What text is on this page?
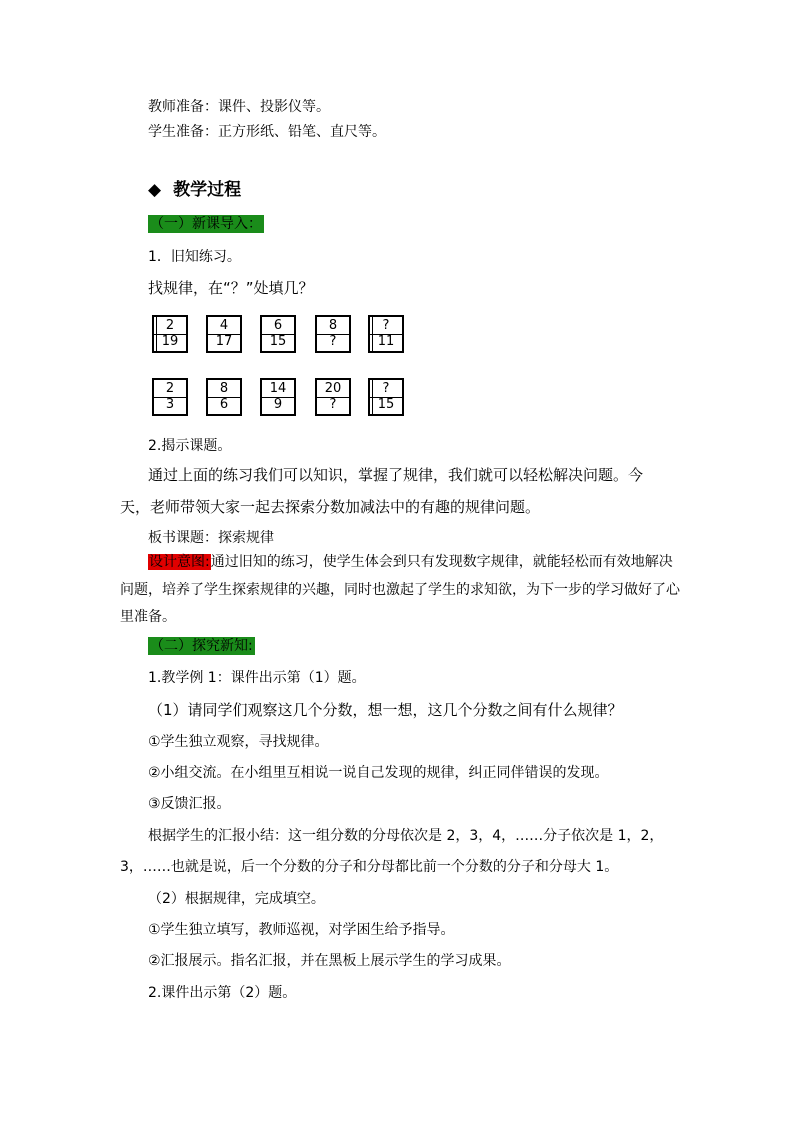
教师准备：课件、投影仪等。
学生准备：正方形纸、铅笔、直尺等。
◆ 教学过程
（一）新课导入：
1．旧知练习。
找规律，在“？”处填几？
2
19
4
17
6
15
8
?
?
11
2
3
8
6
14
9
20
?
?
15
2.揭示课题。
通过上面的练习我们可以知识，掌握了规律，我们就可以轻松解决问题。今
天，老师带领大家一起去探索分数加减法中的有趣的规律问题。
板书课题：探索规律
设计意图:通过旧知的练习，使学生体会到只有发现数字规律，就能轻松而有效地解决
问题，培养了学生探索规律的兴趣，同时也激起了学生的求知欲，为下一步的学习做好了心
里准备。
（二）探究新知:
1.教学例 1：课件出示第（1）题。
（1）请同学们观察这几个分数，想一想，这几个分数之间有什么规律？
①学生独立观察，寻找规律。
②小组交流。在小组里互相说一说自己发现的规律，纠正同伴错误的发现。
③反馈汇报。
根据学生的汇报小结：这一组分数的分母依次是 2，3，4，……分子依次是 1，2，
3，……也就是说，后一个分数的分子和分母都比前一个分数的分子和分母大 1。
（2）根据规律，完成填空。
①学生独立填写，教师巡视，对学困生给予指导。
②汇报展示。指名汇报，并在黑板上展示学生的学习成果。
2.课件出示第（2）题。
